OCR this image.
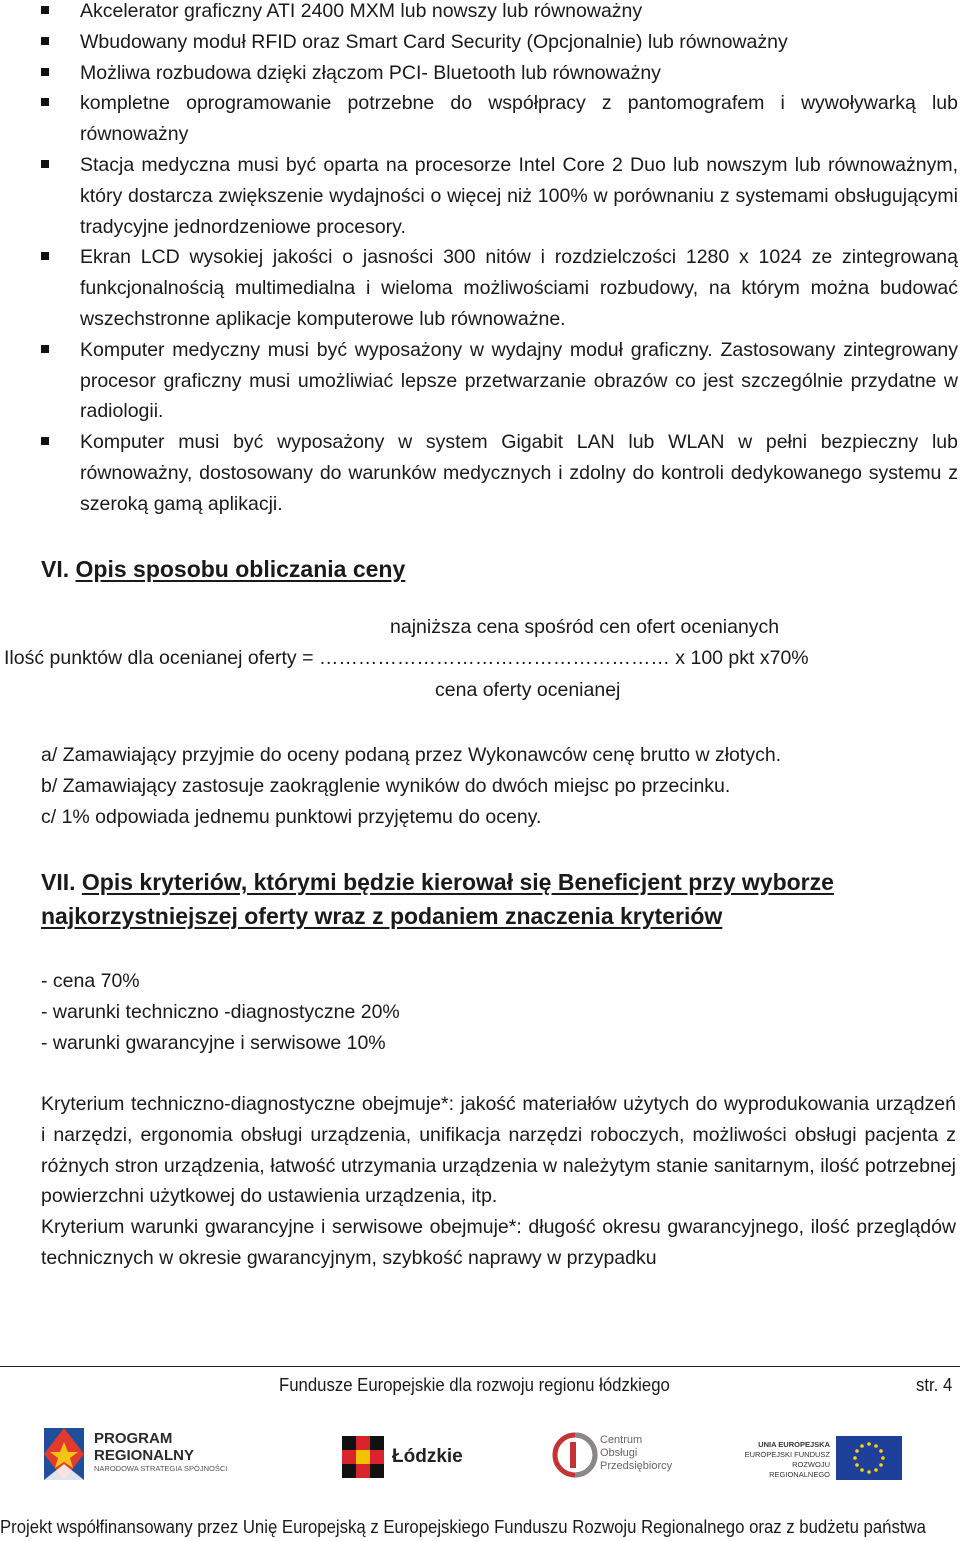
Akcelerator graficzny ATI 2400 MXM lub nowszy lub równoważny
Wbudowany moduł RFID oraz Smart Card Security (Opcjonalnie) lub równoważny
Możliwa rozbudowa dzięki złączom PCI- Bluetooth lub równoważny
kompletne oprogramowanie potrzebne do współpracy z pantomografem i wywoływarką lub równoważny
Stacja medyczna musi być oparta na procesorze Intel Core 2 Duo lub nowszym lub równoważnym, który dostarcza zwiększenie wydajności o więcej niż 100% w porównaniu z systemami obsługującymi tradycyjne jednordzeniowe procesory.
Ekran LCD wysokiej jakości o jasności 300 nitów i rozdzielczości 1280 x 1024 ze zintegrowaną funkcjonalnością multimedialna i wieloma możliwościami rozbudowy, na którym można budować wszechstronne aplikacje komputerowe lub równoważne.
Komputer medyczny musi być wyposażony w wydajny moduł graficzny. Zastosowany zintegrowany procesor graficzny musi umożliwiać lepsze przetwarzanie obrazów co jest szczególnie przydatne w radiologii.
Komputer musi być wyposażony w system Gigabit LAN lub WLAN w pełni bezpieczny lub równoważny, dostosowany do warunków medycznych i zdolny do kontroli dedykowanego systemu z szeroką gamą aplikacji.
VI. Opis sposobu obliczania ceny
najniższa cena spośród cen ofert ocenianych
Ilość punktów dla ocenianej oferty = ……………………………………………… x 100 pkt x70%
cena oferty ocenianej

a/ Zamawiający przyjmie do oceny podaną przez Wykonawców cenę brutto w złotych.

b/ Zamawiający zastosuje zaokrąglenie wyników do dwóch miejsc po przecinku.

c/ 1% odpowiada jednemu punktowi przyjętemu do oceny.

VII. Opis kryteriów, którymi będzie kierował się Beneficjent przy wyborze
najkorzystniejszej oferty wraz z podaniem znaczenia kryteriów

- cena 70%

- warunki techniczno -diagnostyczne 20%

- warunki gwarancyjne i serwisowe 10%

Kryterium techniczno-diagnostyczne obejmuje*: jakość materiałów użytych do wyprodukowania urządzeń i narzędzi, ergonomia obsługi urządzenia, unifikacja narzędzi roboczych, możliwości obsługi pacjenta z różnych stron urządzenia, łatwość utrzymania urządzenia w należytym stanie sanitarnym, ilość potrzebnej powierzchni użytkowej do ustawienia urządzenia, itp.

Kryterium warunki gwarancyjne i serwisowe obejmuje*: długość okresu gwarancyjnego, ilość przeglądów technicznych w okresie gwarancyjnym, szybkość naprawy w przypadku

Fundusze Europejskie dla rozwoju regionu łódzkiego	str. 4
PROGRAM
REGIONALNY
NARODOWA STRATEGIA SPÓJNOŚCI
Łódzkie
Centrum
Obsługi
Przedsiębiorcy
UNIA EUROPEJSKA
EUROPEJSKI FUNDUSZ
ROZWOJU REGIONALNEGO
Projekt współfinansowany przez Unię Europejską z Europejskiego Funduszu Rozwoju Regionalnego oraz z budżetu państwa
